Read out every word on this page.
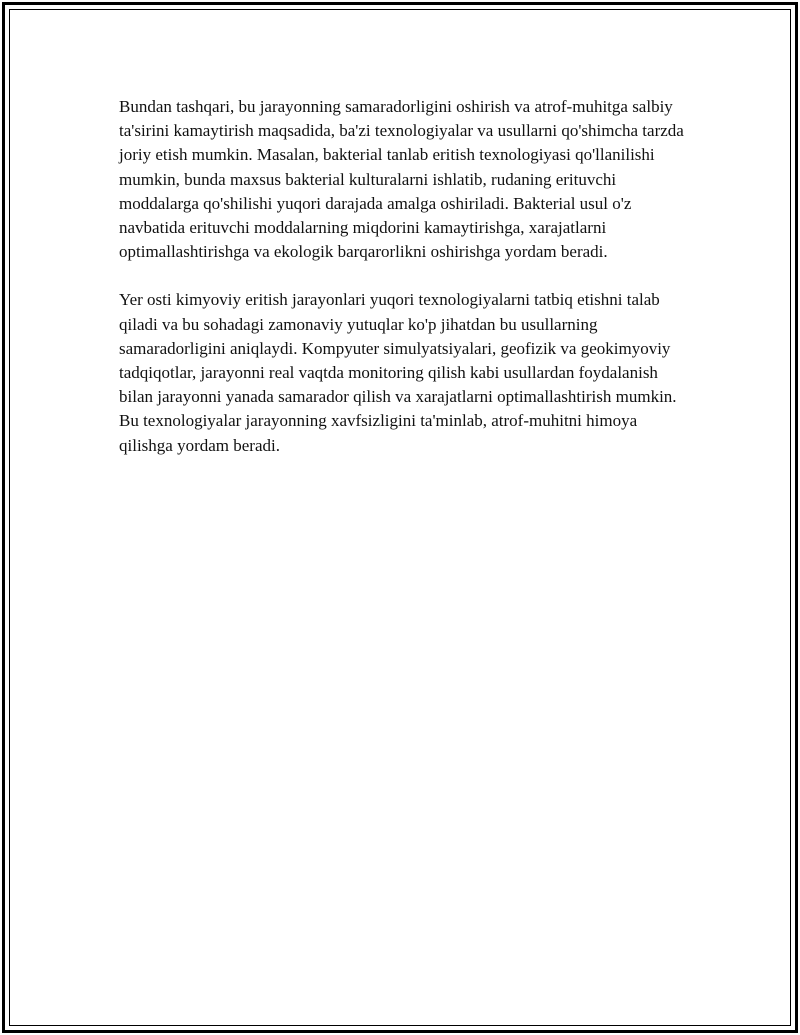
Bundan tashqari, bu jarayonning samaradorligini oshirish va atrof-muhitga salbiy ta'sirini kamaytirish maqsadida, ba'zi texnologiyalar va usullarni qo'shimcha tarzda joriy etish mumkin. Masalan, bakterial tanlab eritish texnologiyasi qo'llanilishi mumkin, bunda maxsus bakterial kulturalarni ishlatib, rudaning erituvchi moddalarga qo'shilishi yuqori darajada amalga oshiriladi. Bakterial usul o'z navbatida erituvchi moddalarning miqdorini kamaytirishga, xarajatlarni optimallashtirishga va ekologik barqarorlikni oshirishga yordam beradi.

Yer osti kimyoviy eritish jarayonlari yuqori texnologiyalarni tatbiq etishni talab qiladi va bu sohadagi zamonaviy yutuqlar ko'p jihatdan bu usullarning samaradorligini aniqlaydi. Kompyuter simulyatsiyalari, geofizik va geokimyoviy tadqiqotlar, jarayonni real vaqtda monitoring qilish kabi usullardan foydalanish bilan jarayonni yanada samarador qilish va xarajatlarni optimallashtirish mumkin. Bu texnologiyalar jarayonning xavfsizligini ta'minlab, atrof-muhitni himoya qilishga yordam beradi.
